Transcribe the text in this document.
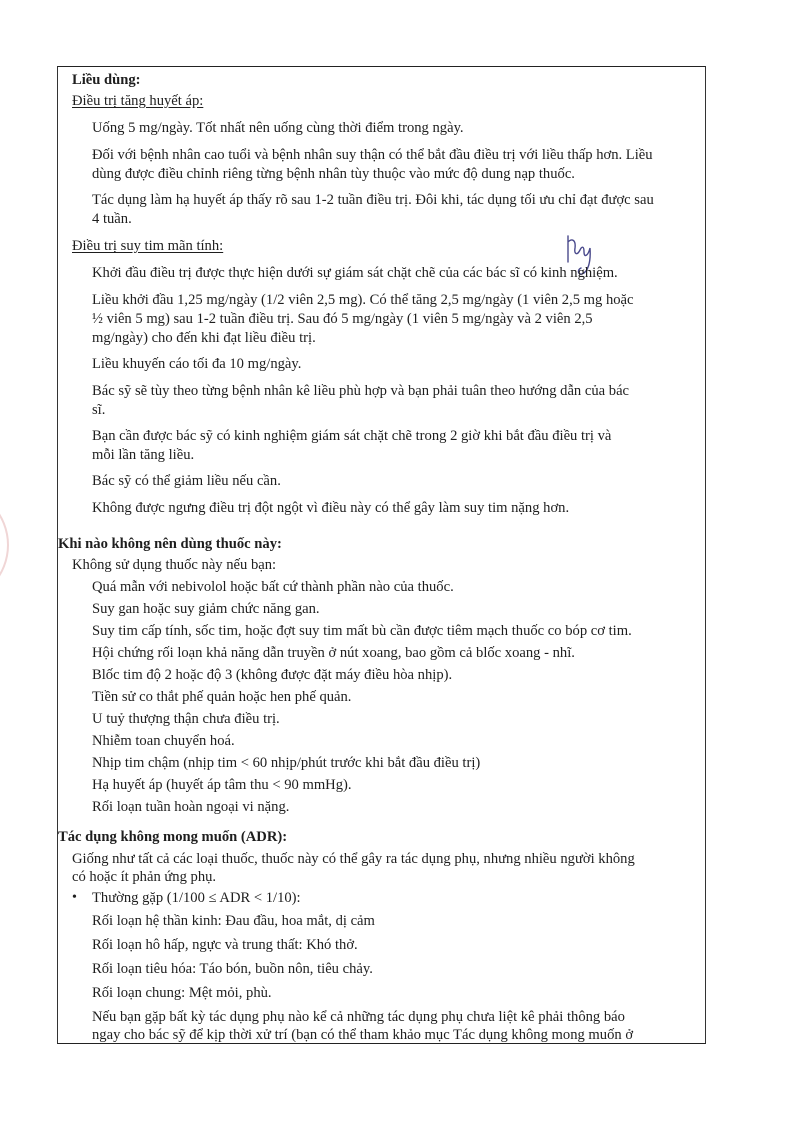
Liều dùng:
Điều trị tăng huyết áp:
Uống 5 mg/ngày. Tốt nhất nên uống cùng thời điểm trong ngày.
Đối với bệnh nhân cao tuổi và bệnh nhân suy thận có thể bắt đầu điều trị với liều thấp hơn. Liều
dùng được điều chỉnh riêng từng bệnh nhân tùy thuộc vào mức độ dung nạp thuốc.
Tác dụng làm hạ huyết áp thấy rõ sau 1-2 tuần điều trị. Đôi khi, tác dụng tối ưu chỉ đạt được sau
4 tuần.
Điều trị suy tim mãn tính:
Khởi đầu điều trị được thực hiện dưới sự giám sát chặt chẽ của các bác sĩ có kinh nghiệm.
Liều khởi đầu 1,25 mg/ngày (1/2 viên 2,5 mg). Có thể tăng 2,5 mg/ngày (1 viên 2,5 mg hoặc
½ viên 5 mg) sau 1-2 tuần điều trị. Sau đó 5 mg/ngày (1 viên 5 mg/ngày và 2 viên 2,5
mg/ngày) cho đến khi đạt liều điều trị.
Liều khuyến cáo tối đa 10 mg/ngày.
Bác sỹ sẽ tùy theo từng bệnh nhân kê liều phù hợp và bạn phải tuân theo hướng dẫn của bác
sĩ.
Bạn cần được bác sỹ có kinh nghiệm giám sát chặt chẽ trong 2 giờ khi bắt đầu điều trị và
mỗi lần tăng liều.
Bác sỹ có thể giảm liều nếu cần.
Không được ngưng điều trị đột ngột vì điều này có thể gây làm suy tim nặng hơn.
Khi nào không nên dùng thuốc này:
Không sử dụng thuốc này nếu bạn:
Quá mẫn với nebivolol hoặc bất cứ thành phần nào của thuốc.
Suy gan hoặc suy giảm chức năng gan.
Suy tim cấp tính, sốc tim, hoặc đợt suy tim mất bù cần được tiêm mạch thuốc co bóp cơ tim.
Hội chứng rối loạn khả năng dẫn truyền ở nút xoang, bao gồm cả blốc xoang - nhĩ.
Blốc tim độ 2 hoặc độ 3 (không được đặt máy điều hòa nhịp).
Tiền sử co thắt phế quản hoặc hen phế quản.
U tuỷ thượng thận chưa điều trị.
Nhiễm toan chuyển hoá.
Nhịp tim chậm (nhịp tim < 60 nhịp/phút trước khi bắt đầu điều trị)
Hạ huyết áp (huyết áp tâm thu < 90 mmHg).
Rối loạn tuần hoàn ngoại vi nặng.
Tác dụng không mong muốn (ADR):
Giống như tất cả các loại thuốc, thuốc này có thể gây ra tác dụng phụ, nhưng nhiều người không
có hoặc ít phản ứng phụ.
• Thường gặp (1/100 ≤ ADR < 1/10):
Rối loạn hệ thần kinh: Đau đầu, hoa mắt, dị cảm
Rối loạn hô hấp, ngực và trung thất: Khó thở.
Rối loạn tiêu hóa: Táo bón, buồn nôn, tiêu chảy.
Rối loạn chung: Mệt mỏi, phù.
Nếu bạn gặp bất kỳ tác dụng phụ nào kể cả những tác dụng phụ chưa liệt kê phải thông báo
ngay cho bác sỹ để kịp thời xử trí (bạn có thể tham khảo mục Tác dụng không mong muốn ở
